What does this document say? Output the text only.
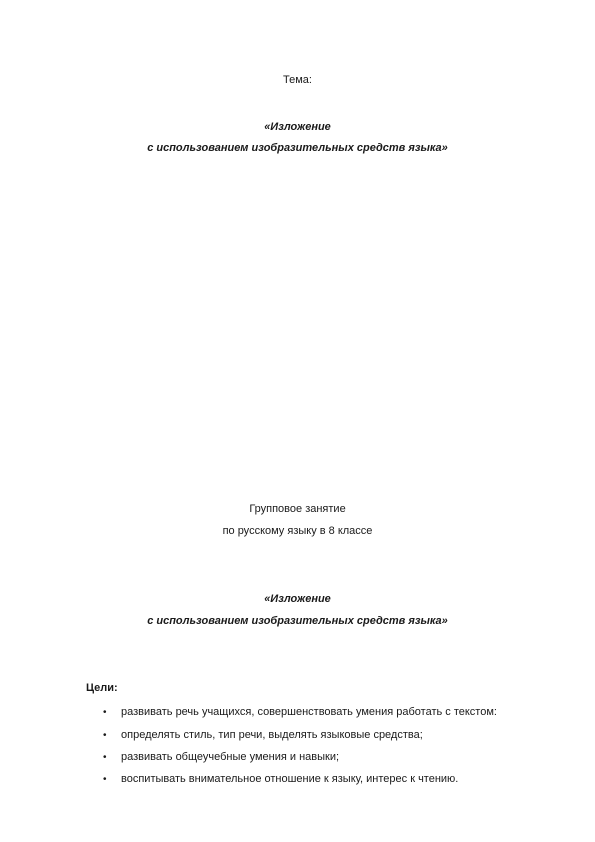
Тема:
«Изложение
с использованием изобразительных средств языка»
Групповое занятие
по русскому языку в 8 классе
«Изложение
с использованием изобразительных средств языка»
Цели:
• развивать речь учащихся, совершенствовать умения работать с текстом:
• определять стиль, тип речи, выделять языковые средства;
• развивать общеучебные умения и навыки;
• воспитывать внимательное отношение к языку, интерес к чтению.
